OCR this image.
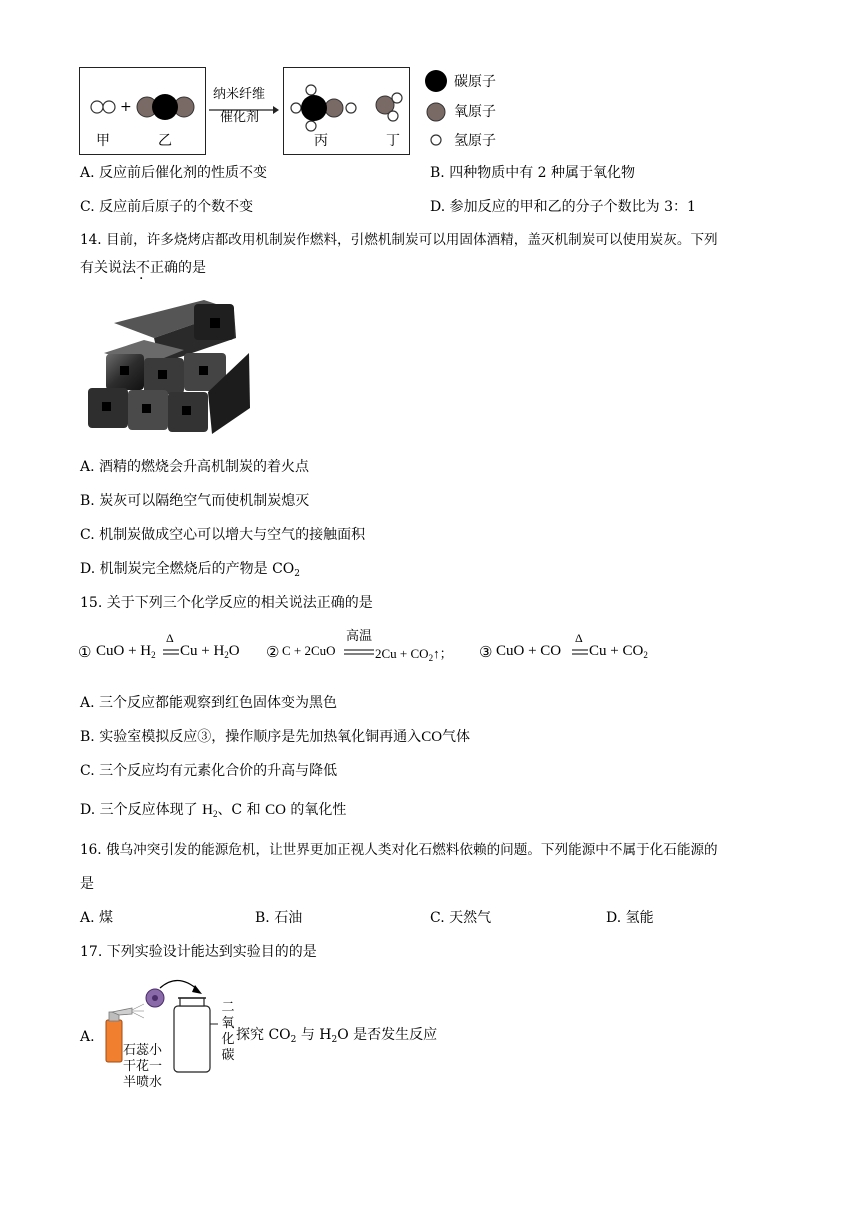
+
甲	乙
纳米纤维
催化剂
丙	丁
碳原子
氧原子
氢原子
A. 反应前后催化剂的性质不变	B. 四种物质中有 2 种属于氧化物
C. 反应前后原子的个数不变	D. 参加反应的甲和乙的分子个数比为 3：1
14. 目前，许多烧烤店都改用机制炭作燃料，引燃机制炭可以用固体酒精，盖灭机制炭可以使用炭灰。下列
有关说法不正确的是
A. 酒精的燃烧会升高机制炭的着火点
B. 炭灰可以隔绝空气而使机制炭熄灭
C. 机制炭做成空心可以增大与空气的接触面积
D. 机制炭完全燃烧后的产物是 $CO_2$
15. 关于下列三个化学反应的相关说法正确的是
① CuO + $H_2$
Δ
$Cu + H_2O$ ② C + 2CuO
高温
$2Cu + CO_2↑$； ③ CuO + CO
Δ
$Cu + CO_2$
A. 三个反应都能观察到红色固体变为黑色
B. 实验室模拟反应③，操作顺序是先加热氧化铜再通入CO气体
C. 三个反应均有元素化合价的升高与降低
D. 三个反应体现了 $H_2$、C 和 CO 的氧化性
16. 俄乌冲突引发的能源危机，让世界更加正视人类对化石燃料依赖的问题。下列能源中不属于化石能源的
是
A. 煤	B. 石油	C. 天然气	D. 氢能
17. 下列实验设计能达到实验目的的是
A.
石蕊小
干花一
半喷水
二
氧
化
碳
探究 $CO_2$ 与 $H_2O$ 是否发生反应
